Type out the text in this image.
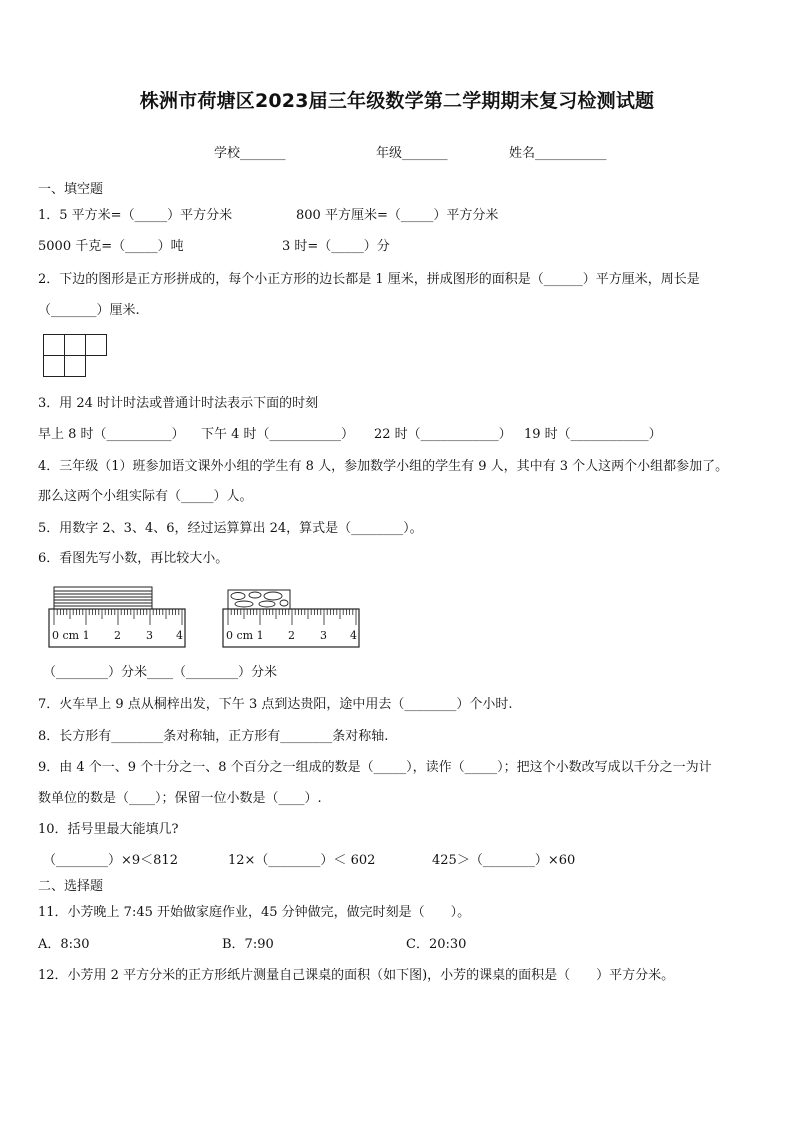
株洲市荷塘区2023届三年级数学第二学期期末复习检测试题
学校_______	年级_______	姓名___________
一、填空题
1．5 平方米=（_____）平方分米	800 平方厘米=（_____）平方分米
5000 千克=（_____）吨	3 时=（_____）分
2．下边的图形是正方形拼成的，每个小正方形的边长都是 1 厘米，拼成图形的面积是（______）平方厘米，周长是
（_______）厘米.
3．用 24 时计时法或普通计时法表示下面的时刻
早上 8 时（__________） 下午 4 时（___________） 22 时（____________） 19 时（____________）
4．三年级（1）班参加语文课外小组的学生有 8 人，参加数学小组的学生有 9 人，其中有 3 个人这两个小组都参加了。
那么这两个小组实际有（_____）人。
5．用数字 2、3、4、6，经过运算算出 24，算式是（________）。
6．看图先写小数，再比较大小。
0 cm 1 2 3 4	0 cm 1 2 3 4
（________）分米____（________）分米
7．火车早上 9 点从桐梓出发，下午 3 点到达贵阳，途中用去（________）个小时.
8．长方形有________条对称轴，正方形有________条对称轴.
9．由 4 个一、9 个十分之一、8 个百分之一组成的数是（_____），读作（_____）；把这个小数改写成以千分之一为计
数单位的数是（____）；保留一位小数是（____）.
10．括号里最大能填几?
（________）×9＜812	12×（________）＜ 602	425＞（________）×60
二、选择题
11．小芳晚上 7:45 开始做家庭作业，45 分钟做完，做完时刻是（　　）。
A．8:30	B．7:90	C．20:30
12．小芳用 2 平方分米的正方形纸片测量自己课桌的面积（如下图)，小芳的课桌的面积是（　　）平方分米。
